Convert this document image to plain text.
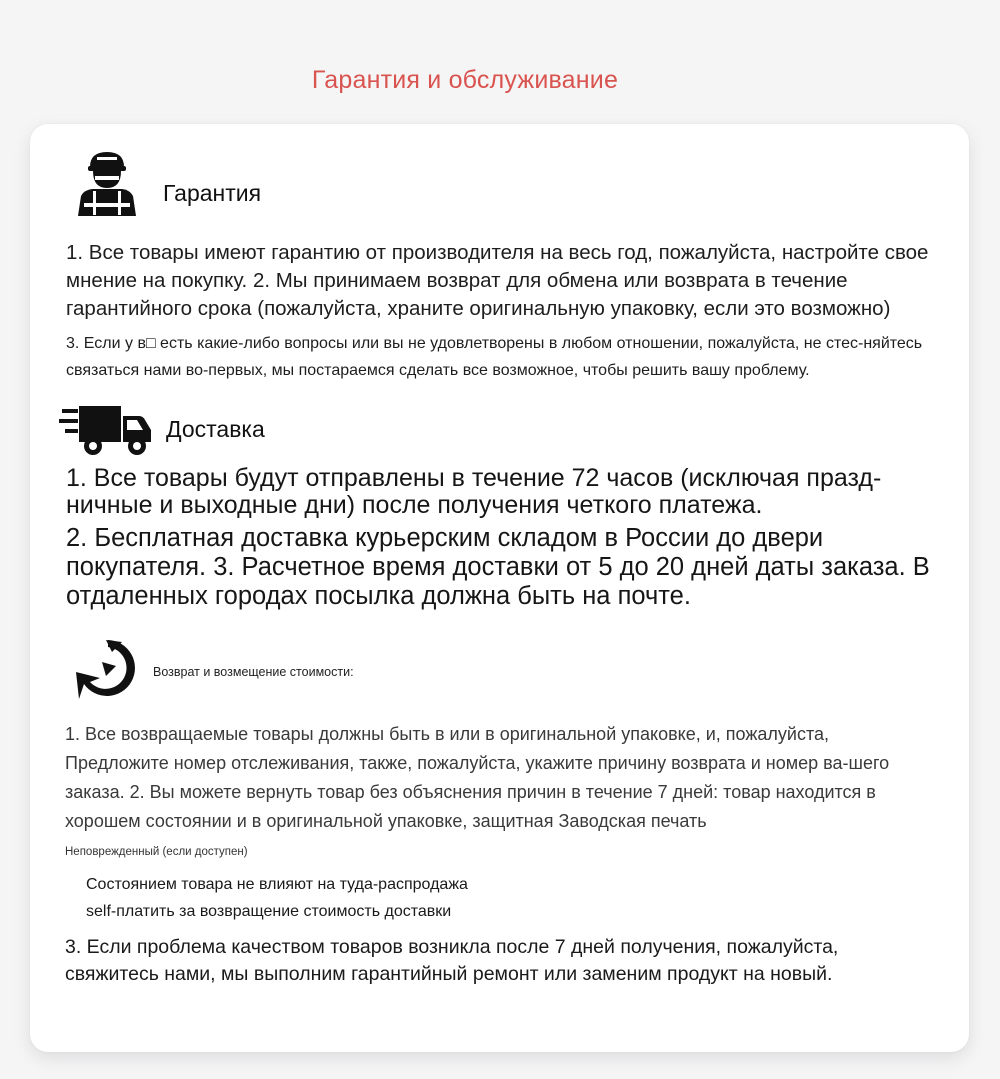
Гарантия и обслуживание
Гарантия

1. Все товары имеют гарантию от производителя на весь год, пожалуйста, настройте свое мнение на покупку. 2. Мы принимаем возврат для обмена или возврата в течение гарантийного срока (пожалуйста, храните оригинальную упаковку, если это возможно)

3. Если у в□ есть какие-либо вопросы или вы не удовлетворены в любом отношении, пожалуйста, не стес-няйтесь связаться нами во-первых, мы постараемся сделать все возможное, чтобы решить вашу проблему.

Доставка

1. Все товары будут отправлены в течение 72 часов (исключая празд-ничные и выходные дни) после получения четкого платежа.

2. Бесплатная доставка курьерским складом в России до двери покупателя. 3. Расчетное время доставки от 5 до 20 дней даты заказа. В отдаленных городах посылка должна быть на почте.

Возврат и возмещение стоимости:

1. Все возвращаемые товары должны быть в или в оригинальной упаковке, и, пожалуйста, Предложите номер отслеживания, также, пожалуйста, укажите причину возврата и номер ва-шего заказа. 2. Вы можете вернуть товар без объяснения причин в течение 7 дней: товар находится в хорошем состоянии и в оригинальной упаковке, защитная Заводская печать

Неповрежденный (если доступен)
Состоянием товара не влияют на туда-распродажа
self-платить за возвращение стоимость доставки

3. Если проблема качеством товаров возникла после 7 дней получения, пожалуйста, свяжитесь нами, мы выполним гарантийный ремонт или заменим продукт на новый.
